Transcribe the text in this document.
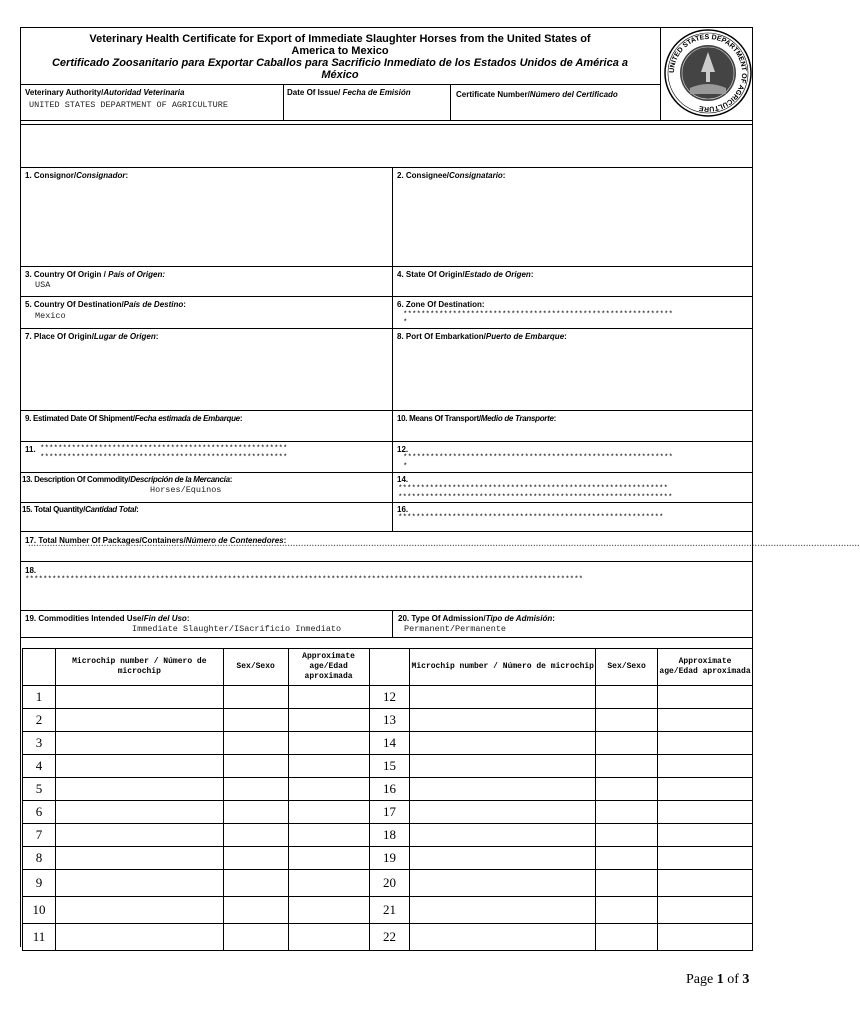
Veterinary Health Certificate for Export of Immediate Slaughter Horses from the United States of
America to Mexico
Certificado Zoosanitario para Exportar Caballos para Sacrificio Inmediato de los Estados Unidos de América a
México	UNITED STATES DEPARTMENT OF AGRICULTURE
Veterinary Authority/Autoridad Veterinaria
UNITED STATES DEPARTMENT OF AGRICULTURE
Date Of Issue/ Fecha de Emisión	Certificate Number/Número del Certificado
1. Consignor/Consignador:	2. Consignee/Consignatario:
3. Country Of Origin / País of Origen:
USA
4. State Of Origin/Estado de Origen:
5. Country Of Destination/País de Destino:
Mexico
6. Zone Of Destination:
************************************************************
*
7. Place Of Origin/Lugar de Origen:	8. Port Of Embarkation/Puerto de Embarque:
9. Estimated Date Of Shipment/Fecha estimada de Embarque:	10. Means Of Transport/Medio de Transporte:
11. *******************************************************
*******************************************************
12.
************************************************************
*
13. Description Of Commodity/Descripción de la Mercancía:
Horses/Equinos
14.
************************************************************
*************************************************************
15. Total Quantity/Cantidad Total:	16.
***********************************************************
17. Total Number Of Packages/Containers/Número de Contenedores:
********************************************************************************************************************************************************************************************************************************************************************************************************************
18.
****************************************************************************************************************************
19. Commodities Intended Use/Fin del Uso:
Immediate Slaughter/ISacrificio Inmediato
20. Type Of Admission/Tipo de Admisión:
Permanent/Permanente
	Microchip number / Número de microchip	Sex/Sexo	Approximate age/Edad aproximada		Microchip number / Número de microchip	Sex/Sexo	Approximate age/Edad aproximada
1				12			
2				13			
3				14			
4				15			
5				16			
6				17			
7				18			
8				19			
9				20			
10				21			
11				22			
Page 1 of 3
